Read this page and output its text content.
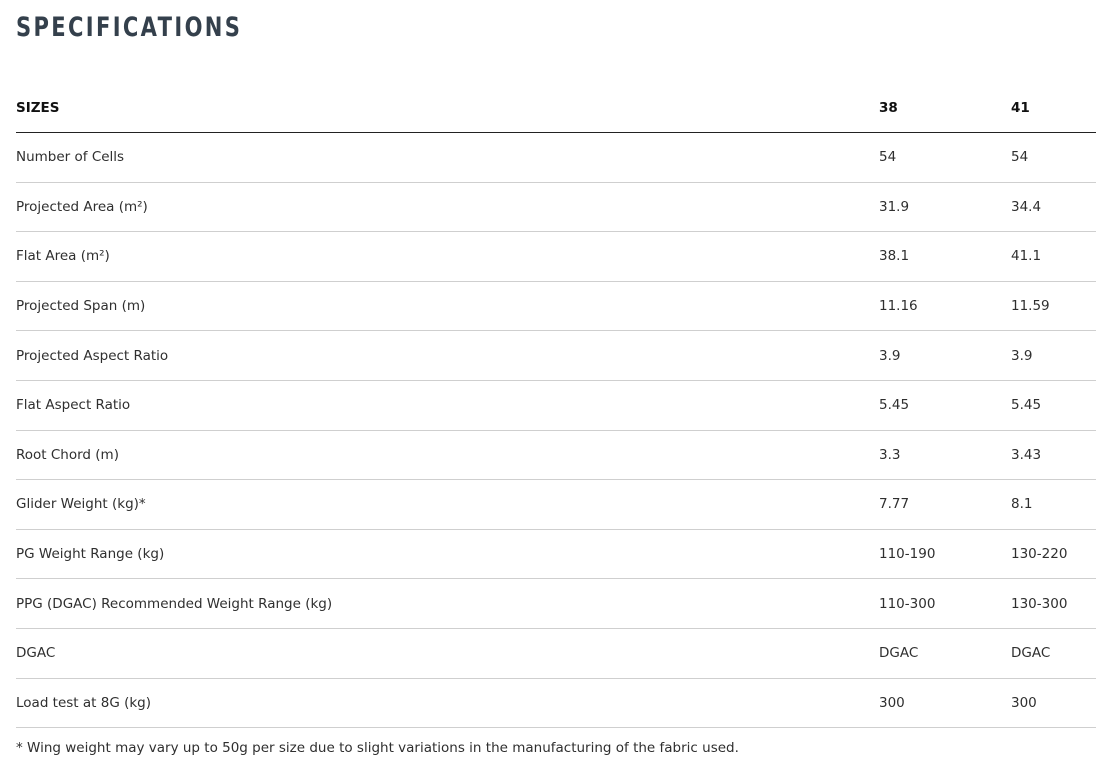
SPECIFICATIONS
SIZES	38	41
Number of Cells	54	54
Projected Area (m²)	31.9	34.4
Flat Area (m²)	38.1	41.1
Projected Span (m)	11.16	11.59
Projected Aspect Ratio	3.9	3.9
Flat Aspect Ratio	5.45	5.45
Root Chord (m)	3.3	3.43
Glider Weight (kg)*	7.77	8.1
PG Weight Range (kg)	110-190	130-220
PPG (DGAC) Recommended Weight Range (kg)	110-300	130-300
DGAC	DGAC	DGAC
Load test at 8G (kg)	300	300

* Wing weight may vary up to 50g per size due to slight variations in the manufacturing of the fabric used.
